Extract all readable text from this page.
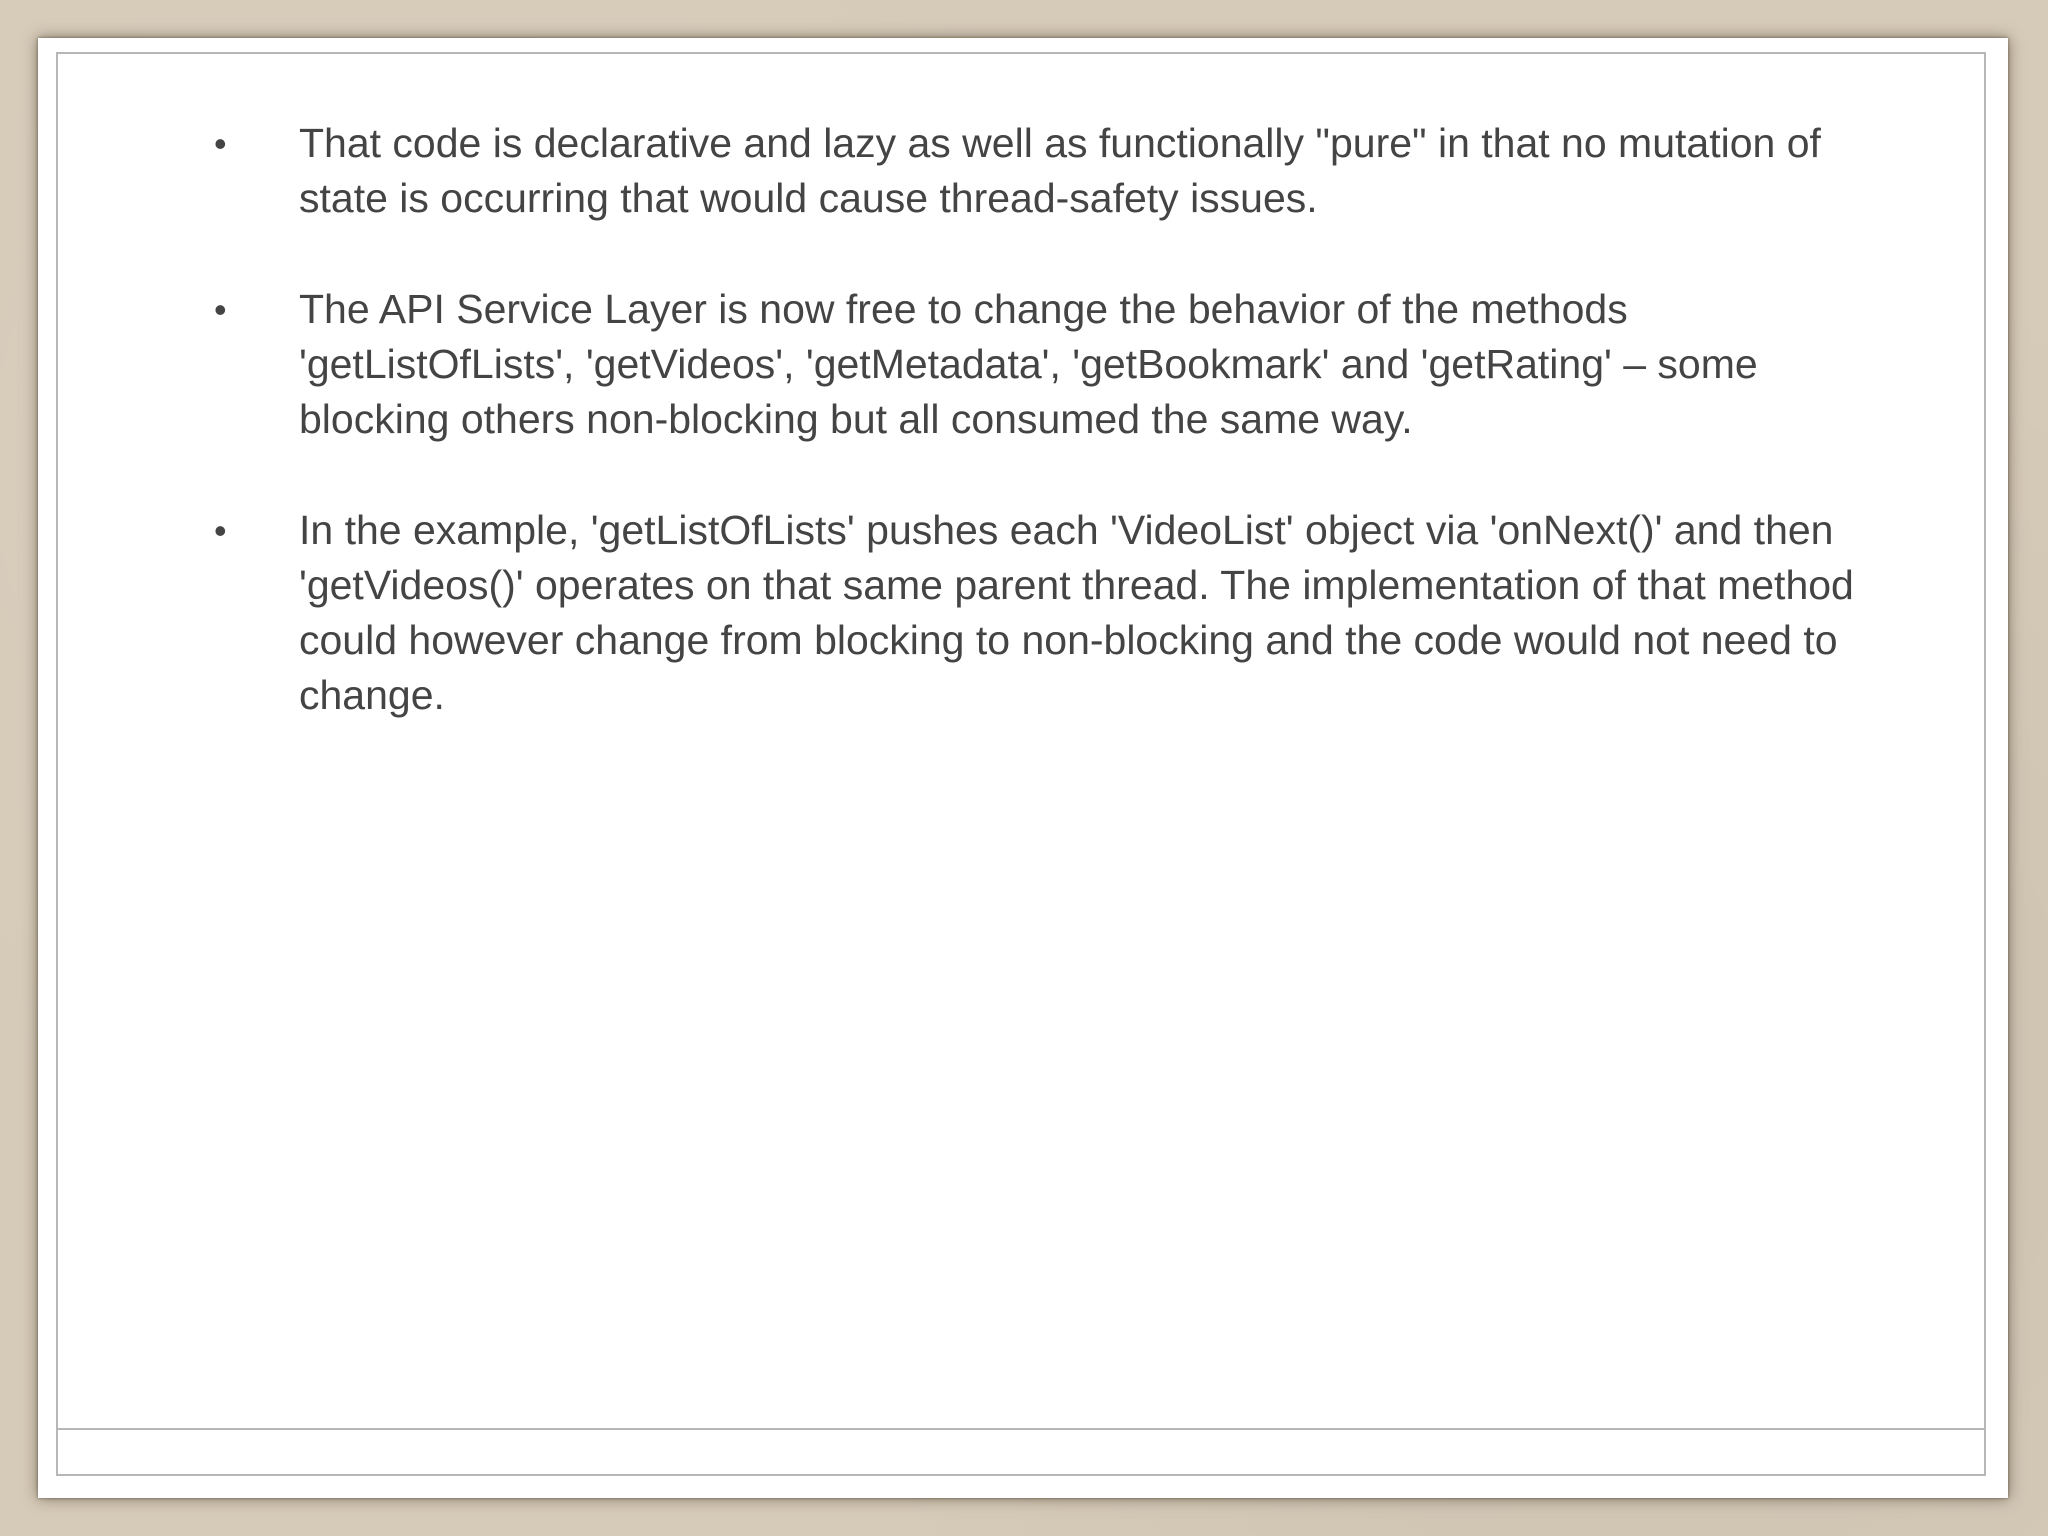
•	That code is declarative and lazy as well as functionally "pure" in that no mutation of state is occurring that would cause thread-safety issues.
•	The API Service Layer is now free to change the behavior of the methods 'getListOfLists', 'getVideos', 'getMetadata', 'getBookmark' and 'getRating' – some blocking others non-blocking but all consumed the same way.
•	In the example, 'getListOfLists' pushes each 'VideoList' object via 'onNext()' and then 'getVideos()' operates on that same parent thread. The implementation of that method could however change from blocking to non-blocking and the code would not need to change.
